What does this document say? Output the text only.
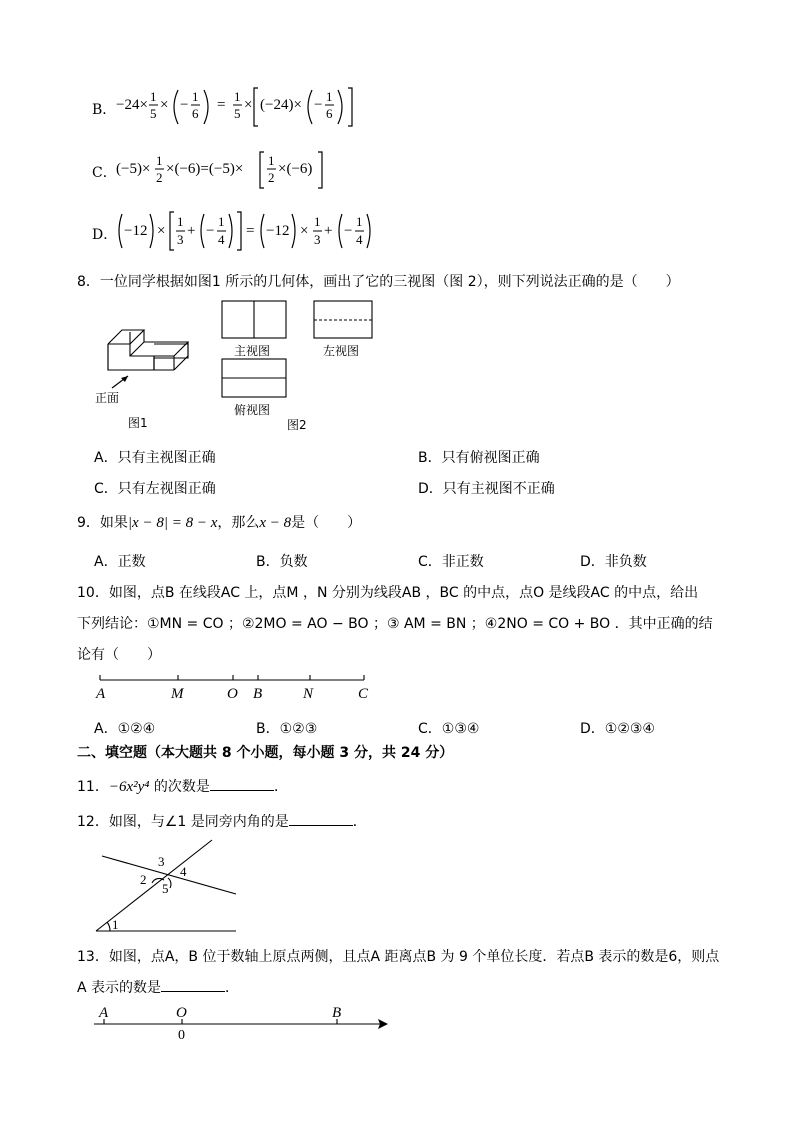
B． −24×
1
5
× −
1
6
=
1
5
× (−24)× −
1
6
C． (−5)×
1
2
×(−6)=(−5)×
1
2
×(−6)
D． −12 ×
1
3
+ −
1
4
= −12 ×
1
3
+ −
1
4
8．一位同学根据如图1 所示的几何体，画出了它的三视图（图 2），则下列说法正确的是（　　）
正面
图1
主视图	左视图
俯视图
图2
A．只有主视图正确	B．只有俯视图正确
C．只有左视图正确	D．只有主视图不正确
9．如果|x − 8| = 8 − x，那么x − 8是（　　）
A．正数	B．负数	C．非正数	D．非负数
10．如图，点B 在线段AC 上，点M ，N 分别为线段AB ，BC 的中点，点O 是线段AC 的中点，给出
下列结论：①MN = CO ；②2MO = AO − BO ；③ AM = BN ；④2NO = CO + BO ．其中正确的结
论有（　　）
A	M	O B	N	C
A．①②④	B．①②③	C．①③④	D．①②③④
二、填空题（本大题共 8 个小题，每小题 3 分，共 24 分）
11．−6x²y⁴ 的次数是	．
12．如图，与∠1 是同旁内角的是	．
1
2
3
4
5
13．如图，点A，B 位于数轴上原点两侧，且点A 距离点B 为 9 个单位长度．若点B 表示的数是6，则点
A 表示的数是	．
A	O	B
0
